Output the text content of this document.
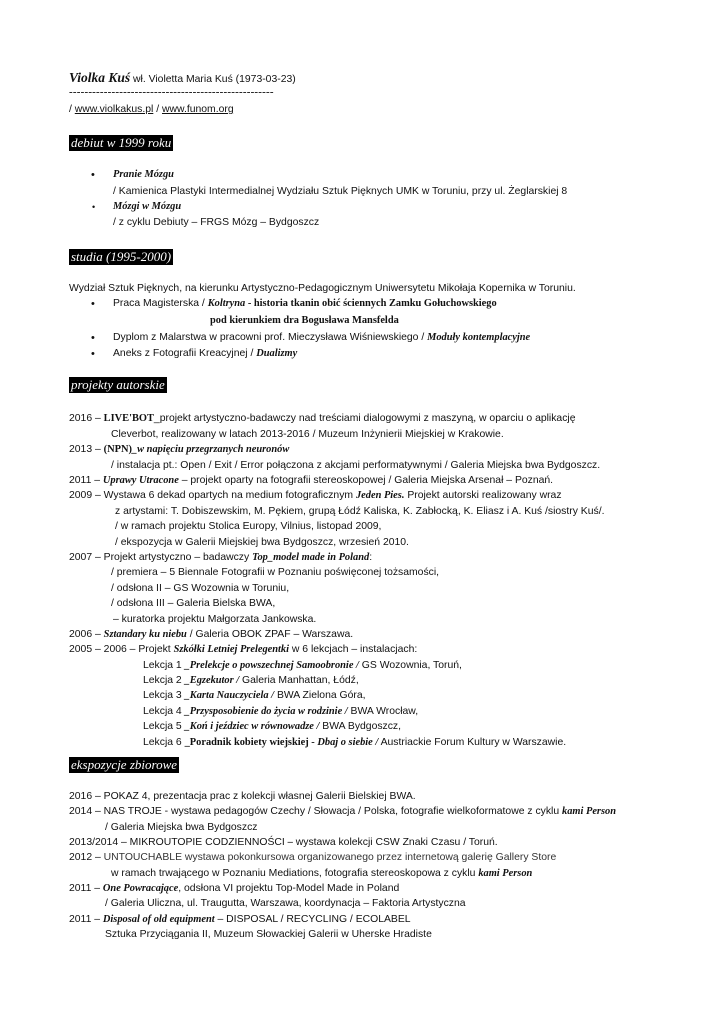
Violka Kuś wł. Violetta Maria Kuś (1973-03-23)
-----------------------------------------------------
/ www.violkakus.pl / www.funom.org
debiut w 1999 roku
• Pranie Mózgu
/ Kamienica Plastyki Intermedialnej Wydziału Sztuk Pięknych UMK w Toruniu, przy ul. Żeglarskiej 8
• Mózgi w Mózgu
/ z cyklu Debiuty – FRGS Mózg – Bydgoszcz
studia (1995-2000)
Wydział Sztuk Pięknych, na kierunku Artystyczno-Pedagogicznym Uniwersytetu Mikołaja Kopernika w Toruniu.
• Praca Magisterska / Koltryna - historia tkanin obić ściennych Zamku Gołuchowskiego
pod kierunkiem dra Bogusława Mansfelda
• Dyplom z Malarstwa w pracowni prof. Mieczysława Wiśniewskiego / Moduły kontemplacyjne
• Aneks z Fotografii Kreacyjnej / Dualizmy
projekty autorskie
2016 – LIVE'BOT_projekt artystyczno-badawczy nad treściami dialogowymi z maszyną, w oparciu o aplikację
Cleverbot, realizowany w latach 2013-2016 / Muzeum Inżynierii Miejskiej w Krakowie.
2013 – (NPN)_w napięciu przegrzanych neuronów
/ instalacja pt.: Open / Exit / Error połączona z akcjami performatywnymi / Galeria Miejska bwa Bydgoszcz.
2011 – Uprawy Utracone – projekt oparty na fotografii stereoskopowej / Galeria Miejska Arsenał – Poznań.
2009 – Wystawa 6 dekad opartych na medium fotograficznym Jeden Pies. Projekt autorski realizowany wraz
z artystami: T. Dobiszewskim, M. Pękiem, grupą Łódź Kaliska, K. Zabłocką, K. Eliasz i A. Kuś /siostry Kuś/.
/ w ramach projektu Stolica Europy, Vilnius, listopad 2009,
/ ekspozycja w Galerii Miejskiej bwa Bydgoszcz, wrzesień 2010.
2007 – Projekt artystyczno – badawczy Top_model made in Poland:
/ premiera – 5 Biennale Fotografii w Poznaniu poświęconej tożsamości,
/ odsłona II – GS Wozownia w Toruniu,
/ odsłona III – Galeria Bielska BWA,
– kuratorka projektu Małgorzata Jankowska.
2006 – Sztandary ku niebu / Galeria OBOK ZPAF – Warszawa.
2005 – 2006 – Projekt Szkółki Letniej Prelegentki w 6 lekcjach – instalacjach:
Lekcja 1 _Prelekcje o powszechnej Samoobronie / GS Wozownia, Toruń,
Lekcja 2 _Egzekutor / Galeria Manhattan, Łódź,
Lekcja 3 _Karta Nauczyciela / BWA Zielona Góra,
Lekcja 4 _Przysposobienie do życia w rodzinie / BWA Wrocław,
Lekcja 5 _Koń i jeździec w równowadze / BWA Bydgoszcz,
Lekcja 6 _Poradnik kobiety wiejskiej - Dbaj o siebie / Austriackie Forum Kultury w Warszawie.
ekspozycje zbiorowe
2016 – POKAZ 4, prezentacja prac z kolekcji własnej Galerii Bielskiej BWA.
2014 – NAS TROJE - wystawa pedagogów Czechy / Słowacja / Polska, fotografie wielkoformatowe z cyklu kami Person
/ Galeria Miejska bwa Bydgoszcz
2013/2014 – MIKROUTOPIE CODZIENNOŚCI – wystawa kolekcji CSW Znaki Czasu / Toruń.
2012 – UNTOUCHABLE wystawa pokonkursowa organizowanego przez internetową galerię Gallery Store
w ramach trwającego w Poznaniu Mediations, fotografia stereoskopowa z cyklu kami Person
2011 – One Powracające, odsłona VI projektu Top-Model Made in Poland
/ Galeria Uliczna, ul. Traugutta, Warszawa, koordynacja – Faktoria Artystyczna
2011 – Disposal of old equipment – DISPOSAL / RECYCLING / ECOLABEL
Sztuka Przyciągania II, Muzeum Słowackiej Galerii w Uherske Hradiste
